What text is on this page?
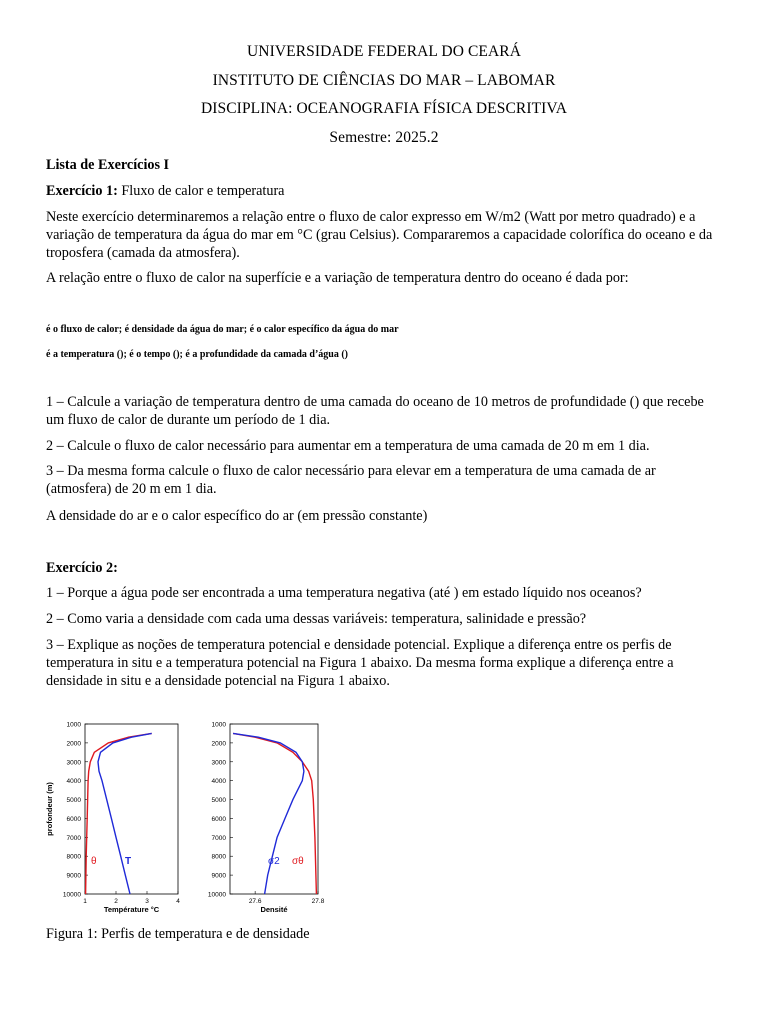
UNIVERSIDADE FEDERAL DO CEARÁ
INSTITUTO DE CIÊNCIAS DO MAR – LABOMAR
DISCIPLINA: OCEANOGRAFIA FÍSICA DESCRITIVA
Semestre: 2025.2
Lista de Exercícios I
Exercício 1: Fluxo de calor e temperatura
Neste exercício determinaremos a relação entre o fluxo de calor expresso em W/m2 (Watt por metro quadrado) e a
variação de temperatura da água do mar em °C (grau Celsius). Compararemos a capacidade colorífica do oceano e da
troposfera (camada da atmosfera).
A relação entre o fluxo de calor na superfície e a variação de temperatura dentro do oceano é dada por:
é o fluxo de calor; é densidade da água do mar; é o calor específico da água do mar
é a temperatura (); é o tempo (); é a profundidade da camada d’água ()
1 – Calcule a variação de temperatura dentro de uma camada do oceano de 10 metros de profundidade () que recebe
um fluxo de calor de durante um período de 1 dia.
2 – Calcule o fluxo de calor necessário para aumentar em a temperatura de uma camada de 20 m em 1 dia.
3 – Da mesma forma calcule o fluxo de calor necessário para elevar em a temperatura de uma camada de ar
(atmosfera) de 20 m em 1 dia.
A densidade do ar e o calor específico do ar (em pressão constante)
Exercício 2:
1 – Porque a água pode ser encontrada a uma temperatura negativa (até ) em estado líquido nos oceanos?
2 – Como varia a densidade com cada uma dessas variáveis: temperatura, salinidade e pressão?
3 – Explique as noções de temperatura potencial e densidade potencial. Explique a diferença entre os perfis de
temperatura in situ e a temperatura potencial na Figura 1 abaixo. Da mesma forma explique a diferença entre a
densidade in situ e a densidade potencial na Figura 1 abaixo.
1000
2000
3000
4000
5000
6000
7000
8000
9000
10000
1	2	3	4
Température °C
profondeur (m)
θ	T
1000
2000
3000
4000
5000
6000
7000
8000
9000
10000
27.6	27.8
Densité
σ2 σθ
Figura 1: Perfis de temperatura e de densidade
